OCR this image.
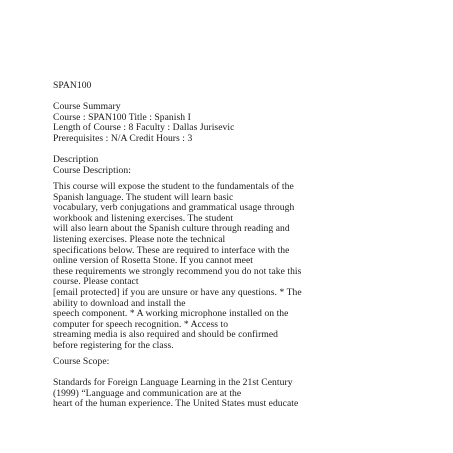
SPAN100
Course Summary
Course : SPAN100 Title : Spanish I
Length of Course : 8 Faculty : Dallas Jurisevic
Prerequisites : N/A Credit Hours : 3
Description
Course Description:
This course will expose the student to the fundamentals of the
Spanish language. The student will learn basic
vocabulary, verb conjugations and grammatical usage through
workbook and listening exercises. The student
will also learn about the Spanish culture through reading and
listening exercises. Please note the technical
specifications below. These are required to interface with the
online version of Rosetta Stone. If you cannot meet
these requirements we strongly recommend you do not take this
course. Please contact
[email protected] if you are unsure or have any questions. * The
ability to download and install the
speech component. * A working microphone installed on the
computer for speech recognition. * Access to
streaming media is also required and should be confirmed
before registering for the class.
Course Scope:
Standards for Foreign Language Learning in the 21st Century
(1999) “Language and communication are at the
heart of the human experience. The United States must educate
